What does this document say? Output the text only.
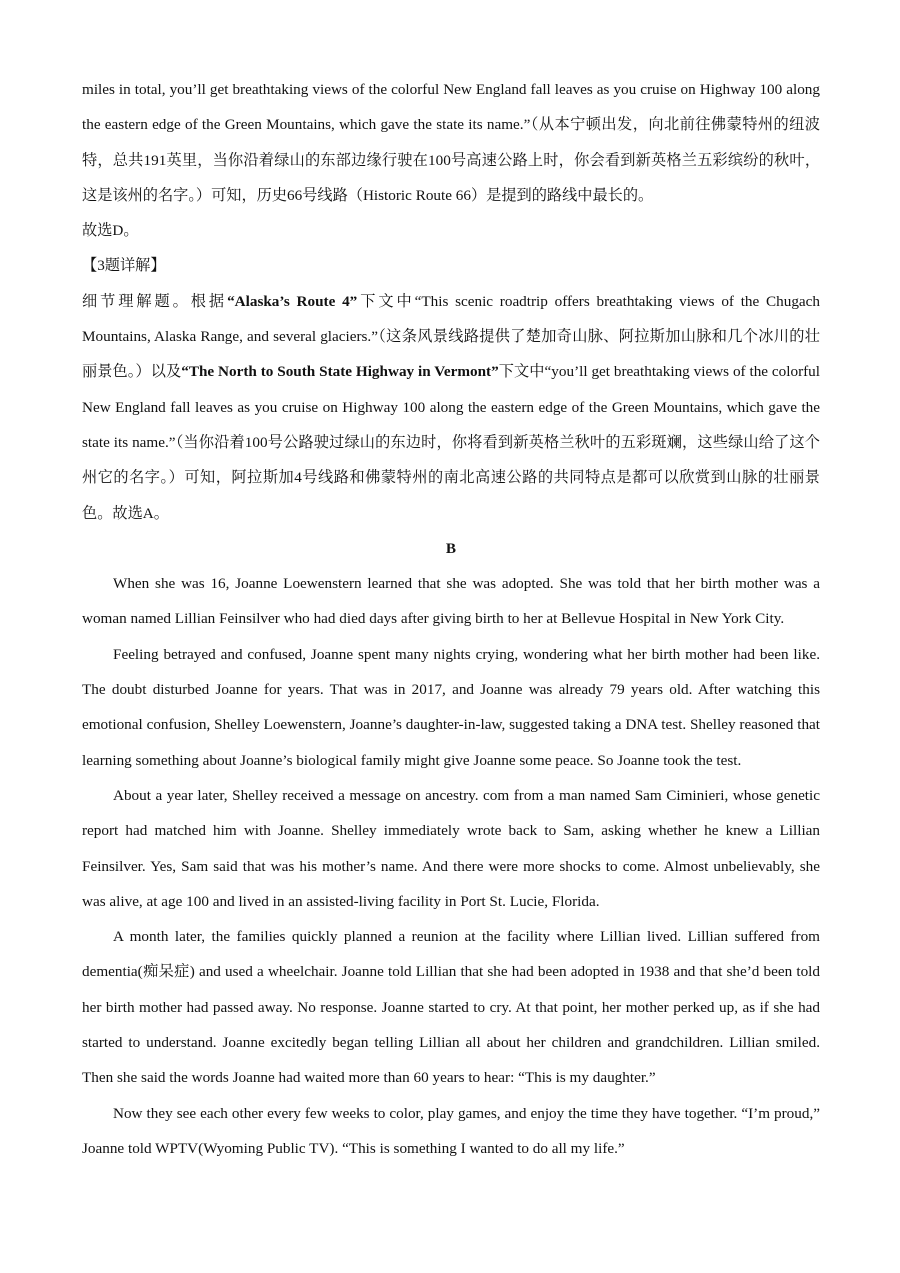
miles in total, you’ll get breathtaking views of the colorful New England fall leaves as you cruise on Highway 100 along the eastern edge of the Green Mountains, which gave the state its name.”（从本宁顿出发，向北前往佛蒙特州的纽波特，总共191英里，当你沿着绿山的东部边缘行驶在100号高速公路上时，你会看到新英格兰五彩缤纷的秋叶，这是该州的名字。）可知，历史66号线路（Historic Route 66）是提到的路线中最长的。

故选D。

【3题详解】

细节理解题。根据“Alaska’s Route 4”下文中“This scenic roadtrip offers breathtaking views of the Chugach Mountains, Alaska Range, and several glaciers.”（这条风景线路提供了楚加奇山脉、阿拉斯加山脉和几个冰川的壮丽景色。）以及“The North to South State Highway in Vermont”下文中“you’ll get breathtaking views of the colorful New England fall leaves as you cruise on Highway 100 along the eastern edge of the Green Mountains, which gave the state its name.”（当你沿着100号公路驶过绿山的东边时，你将看到新英格兰秋叶的五彩斑斓，这些绿山给了这个州它的名字。）可知，阿拉斯加4号线路和佛蒙特州的南北高速公路的共同特点是都可以欣赏到山脉的壮丽景色。故选A。

B

When she was 16, Joanne Loewenstern learned that she was adopted. She was told that her birth mother was a woman named Lillian Feinsilver who had died days after giving birth to her at Bellevue Hospital in New York City.

Feeling betrayed and confused, Joanne spent many nights crying, wondering what her birth mother had been like. The doubt disturbed Joanne for years. That was in 2017, and Joanne was already 79 years old. After watching this emotional confusion, Shelley Loewenstern, Joanne’s daughter-in-law, suggested taking a DNA test. Shelley reasoned that learning something about Joanne’s biological family might give Joanne some peace. So Joanne took the test.

About a year later, Shelley received a message on ancestry. com from a man named Sam Ciminieri, whose genetic report had matched him with Joanne. Shelley immediately wrote back to Sam, asking whether he knew a Lillian Feinsilver. Yes, Sam said that was his mother’s name. And there were more shocks to come. Almost unbelievably, she was alive, at age 100 and lived in an assisted-living facility in Port St. Lucie, Florida.

A month later, the families quickly planned a reunion at the facility where Lillian lived. Lillian suffered from dementia(痴呆症) and used a wheelchair. Joanne told Lillian that she had been adopted in 1938 and that she’d been told her birth mother had passed away. No response. Joanne started to cry. At that point, her mother perked up, as if she had started to understand. Joanne excitedly began telling Lillian all about her children and grandchildren. Lillian smiled. Then she said the words Joanne had waited more than 60 years to hear: “This is my daughter.”

Now they see each other every few weeks to color, play games, and enjoy the time they have together. “I’m proud,” Joanne told WPTV(Wyoming Public TV). “This is something I wanted to do all my life.”
